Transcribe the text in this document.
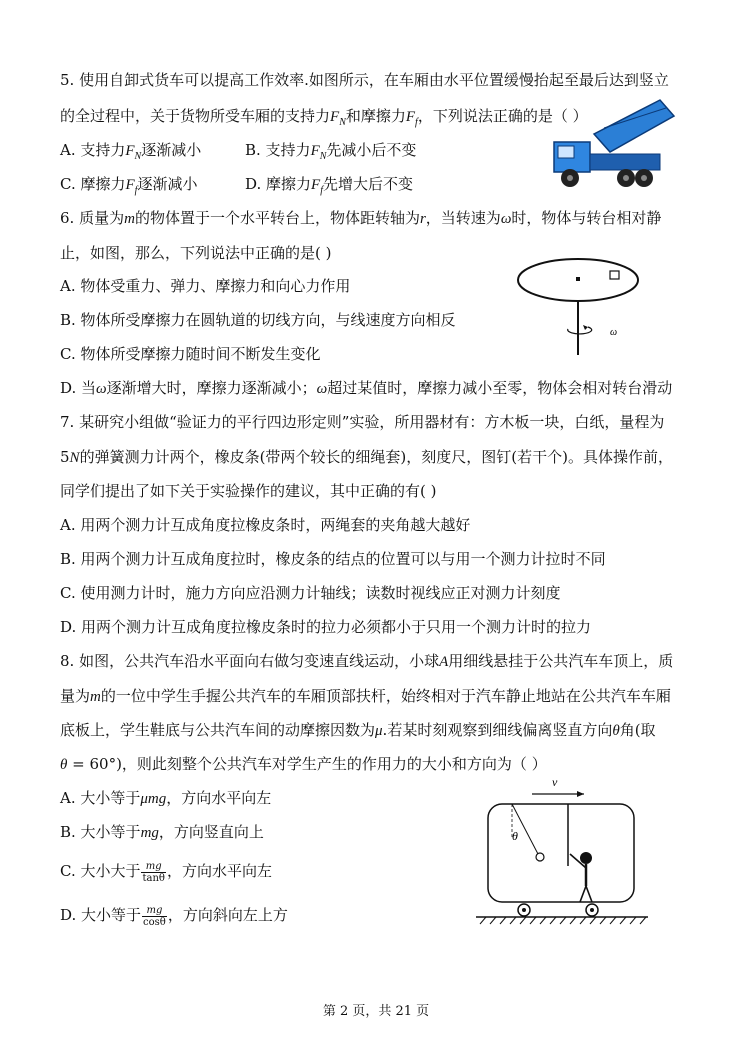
5. 使用自卸式货车可以提高工作效率.如图所示，在车厢由水平位置缓慢抬起至最后达到竖立
的全过程中，关于货物所受车厢的支持力$F_N$和摩擦力$F_f$，下列说法正确的是（ ）
A. 支持力$F_N$逐渐减小	B. 支持力$F_N$先减小后不变
C. 摩擦力$F_f$逐渐减小	D. 摩擦力$F_f$先增大后不变
6. 质量为m的物体置于一个水平转台上，物体距转轴为r，当转速为ω时，物体与转台相对静
止，如图，那么，下列说法中正确的是( )
A. 物体受重力、弹力、摩擦力和向心力作用
B. 物体所受摩擦力在圆轨道的切线方向，与线速度方向相反
C. 物体所受摩擦力随时间不断发生变化
D. 当ω逐渐增大时，摩擦力逐渐减小；ω超过某值时，摩擦力减小至零，物体会相对转台滑动
ω
7. 某研究小组做“验证力的平行四边形定则”实验，所用器材有：方木板一块，白纸，量程为
5N的弹簧测力计两个，橡皮条(带两个较长的细绳套)，刻度尺，图钉(若干个)。具体操作前，
同学们提出了如下关于实验操作的建议，其中正确的有( )
A. 用两个测力计互成角度拉橡皮条时，两绳套的夹角越大越好
B. 用两个测力计互成角度拉时，橡皮条的结点的位置可以与用一个测力计拉时不同
C. 使用测力计时，施力方向应沿测力计轴线；读数时视线应正对测力计刻度
D. 用两个测力计互成角度拉橡皮条时的拉力必须都小于只用一个测力计时的拉力
8. 如图，公共汽车沿水平面向右做匀变速直线运动，小球A用细线悬挂于公共汽车车顶上，质
量为m的一位中学生手握公共汽车的车厢顶部扶杆，始终相对于汽车静止地站在公共汽车车厢
底板上，学生鞋底与公共汽车间的动摩擦因数为μ.若某时刻观察到细线偏离竖直方向θ角(取
θ = 60°)，则此刻整个公共汽车对学生产生的作用力的大小和方向为（ ）
A. 大小等于μmg，方向水平向左
B. 大小等于mg，方向竖直向上
C. 大小大于 $\frac{mg}{\tan\theta}$ ，方向水平向左
D. 大小等于 $\frac{mg}{\cos\theta}$ ，方向斜向左上方
v
θ
第 2 页，共 21 页
